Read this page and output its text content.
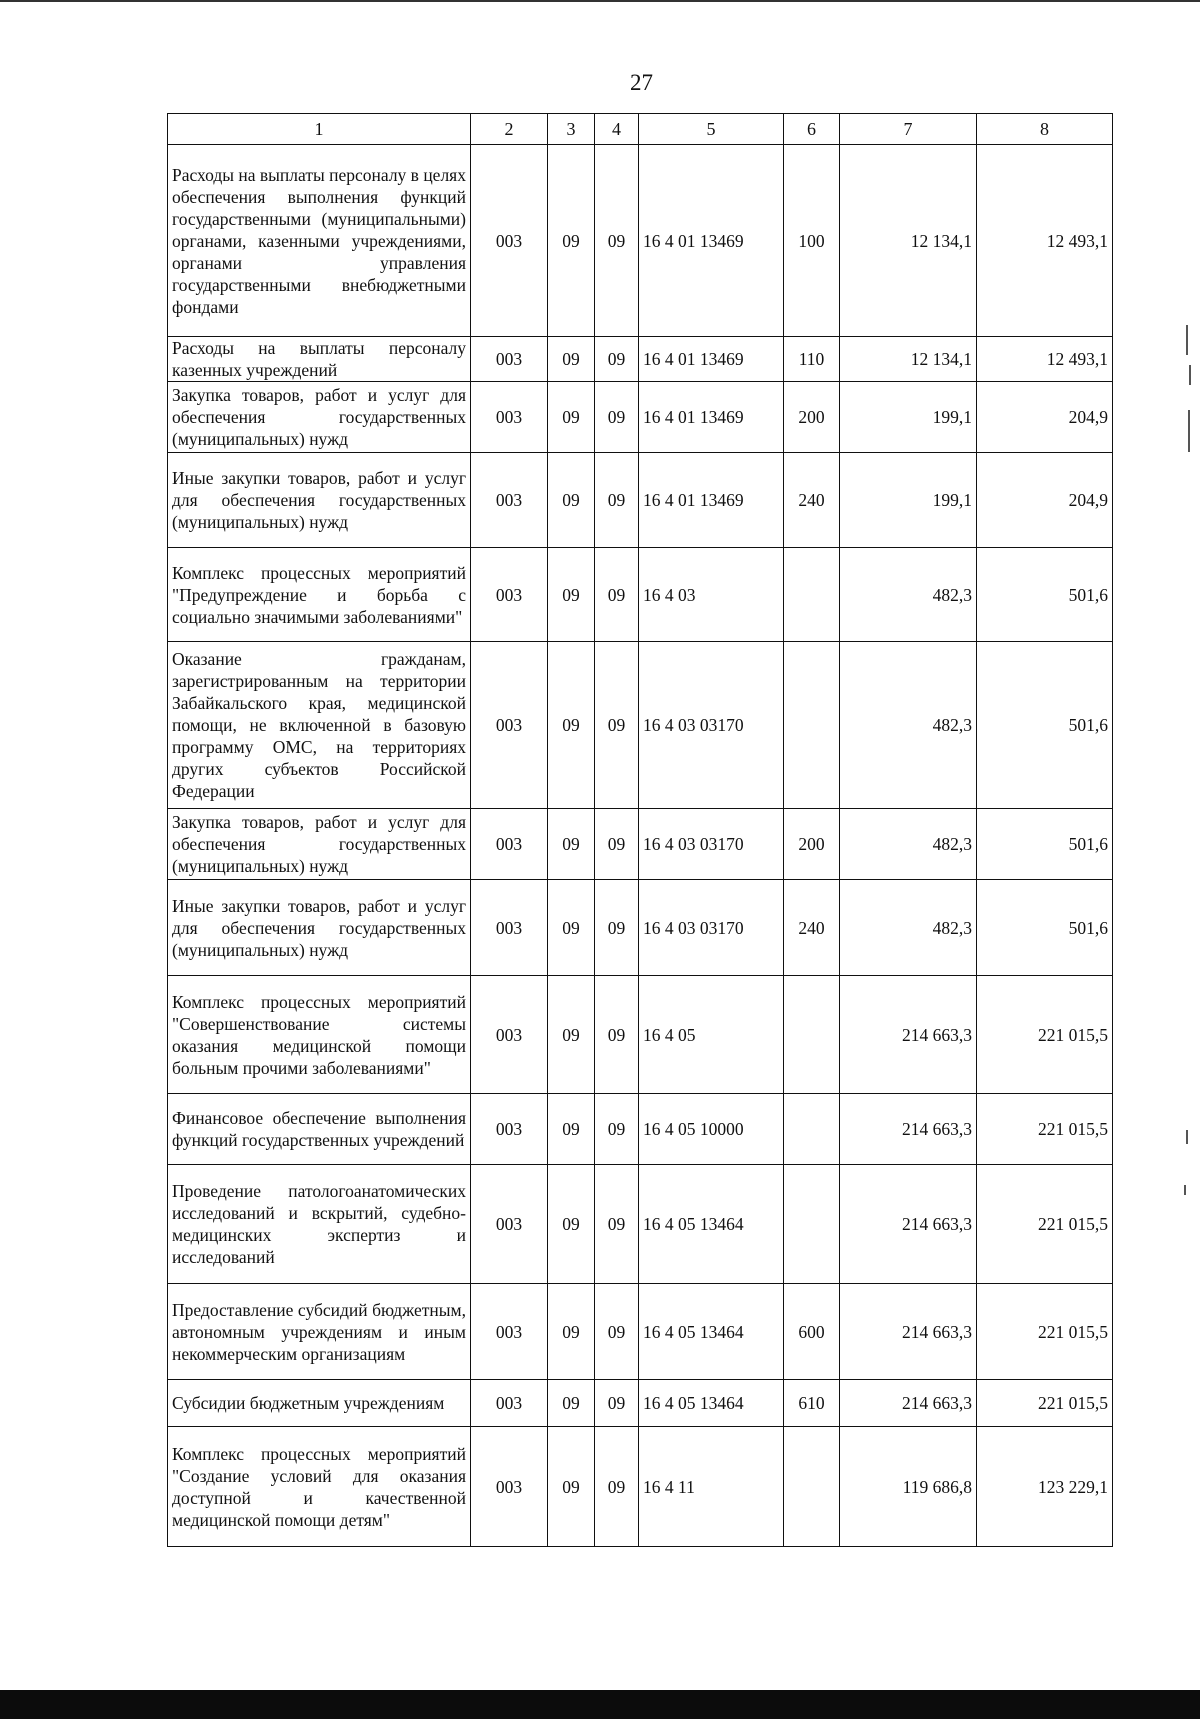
27
1	2	3	4	5	6	7	8
Расходы на выплаты персоналу в целях обеспечения выполнения функций государственными (муниципальными) органами, казенными учреждениями, органами управления государственными внебюджетными фондами	003	09	09	16 4 01 13469	100	12 134,1	12 493,1
Расходы на выплаты персоналу казенных учреждений	003	09	09	16 4 01 13469	110	12 134,1	12 493,1
Закупка товаров, работ и услуг для обеспечения государственных (муниципальных) нужд	003	09	09	16 4 01 13469	200	199,1	204,9
Иные закупки товаров, работ и услуг для обеспечения государственных (муниципальных) нужд	003	09	09	16 4 01 13469	240	199,1	204,9
Комплекс процессных мероприятий "Предупреждение и борьба с социально значимыми заболеваниями"	003	09	09	16 4 03		482,3	501,6
Оказание гражданам, зарегистрированным на территории Забайкальского края, медицинской помощи, не включенной в базовую программу ОМС, на территориях других субъектов Российской Федерации	003	09	09	16 4 03 03170		482,3	501,6
Закупка товаров, работ и услуг для обеспечения государственных (муниципальных) нужд	003	09	09	16 4 03 03170	200	482,3	501,6
Иные закупки товаров, работ и услуг для обеспечения государственных (муниципальных) нужд	003	09	09	16 4 03 03170	240	482,3	501,6
Комплекс процессных мероприятий "Совершенствование системы оказания медицинской помощи больным прочими заболеваниями"	003	09	09	16 4 05		214 663,3	221 015,5
Финансовое обеспечение выполнения функций государственных учреждений	003	09	09	16 4 05 10000		214 663,3	221 015,5
Проведение патологоанатомических исследований и вскрытий, судебно-медицинских экспертиз и исследований	003	09	09	16 4 05 13464		214 663,3	221 015,5
Предоставление субсидий бюджетным, автономным учреждениям и иным некоммерческим организациям	003	09	09	16 4 05 13464	600	214 663,3	221 015,5
Субсидии бюджетным учреждениям	003	09	09	16 4 05 13464	610	214 663,3	221 015,5
Комплекс процессных мероприятий "Создание условий для оказания доступной и качественной медицинской помощи детям"	003	09	09	16 4 11		119 686,8	123 229,1
